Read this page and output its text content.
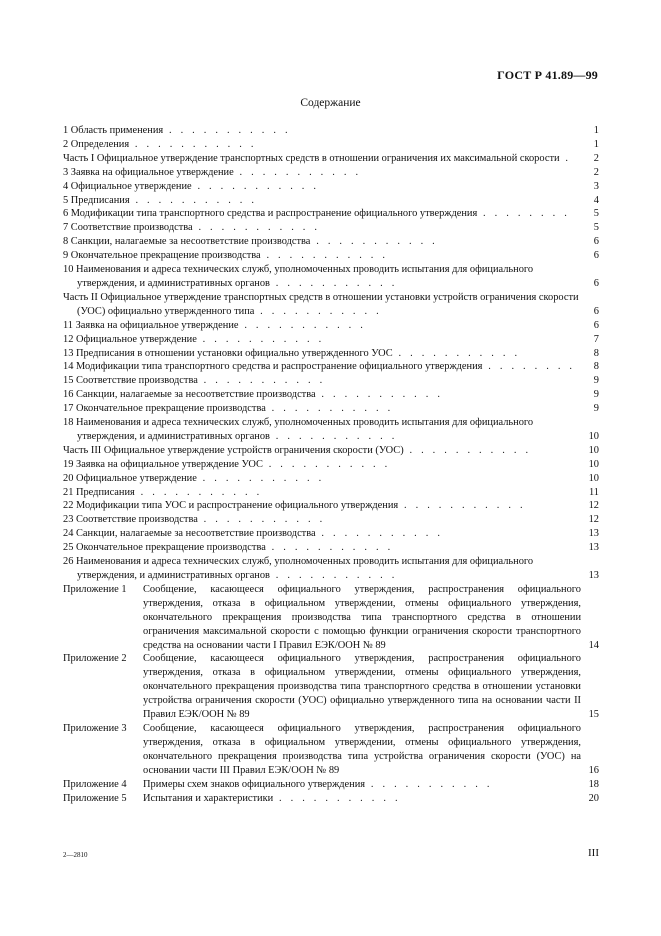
ГОСТ Р 41.89—99
Содержание
1 Область применения . . . . . . . . . . .	1
2 Определения . . . . . . . . . . .	1
Часть I Официальное утверждение транспортных средств в отношении ограничения их максимальной скорости .	2
3 Заявка на официальное утверждение . . . . . . . . . . .	2
4 Официальное утверждение . . . . . . . . . . .	3
5 Предписания . . . . . . . . . . .	4
6 Модификации типа транспортного средства и распространение официального утверждения . . . . . . . .	5
7 Соответствие производства . . . . . . . . . . .	5
8 Санкции, налагаемые за несоответствие производства . . . . . . . . . . .	6
9 Окончательное прекращение производства . . . . . . . . . . .	6
10 Наименования и адреса технических служб, уполномоченных проводить испытания для официального утверждения, и административных органов . . . . . . . . . . .	6
Часть II Официальное утверждение транспортных средств в отношении установки устройств ограничения скорости (УОС) официально утвержденного типа . . . . . . . . . . .	6
11 Заявка на официальное утверждение . . . . . . . . . . .	6
12 Официальное утверждение . . . . . . . . . . .	7
13 Предписания в отношении установки официально утвержденного УОС . . . . . . . . . . .	8
14 Модификации типа транспортного средства и распространение официального утверждения . . . . . . . .	8
15 Соответствие производства . . . . . . . . . . .	9
16 Санкции, налагаемые за несоответствие производства . . . . . . . . . . .	9
17 Окончательное прекращение производства . . . . . . . . . . .	9
18 Наименования и адреса технических служб, уполномоченных проводить испытания для официального утверждения, и административных органов . . . . . . . . . . .	10
Часть III Официальное утверждение устройств ограничения скорости (УОС) . . . . . . . . . . .	10
19 Заявка на официальное утверждение УОС . . . . . . . . . . .	10
20 Официальное утверждение . . . . . . . . . . .	10
21 Предписания . . . . . . . . . . .	11
22 Модификации типа УОС и распространение официального утверждения . . . . . . . . . . .	12
23 Соответствие производства . . . . . . . . . . .	12
24 Санкции, налагаемые за несоответствие производства . . . . . . . . . . .	13
25 Окончательное прекращение производства . . . . . . . . . . .	13
26 Наименования и адреса технических служб, уполномоченных проводить испытания для официального утверждения, и административных органов . . . . . . . . . . .	13
Приложение 1	Сообщение, касающееся официального утверждения, распространения официального утверждения, отказа в официальном утверждении, отмены официального утверждения, окончательного прекращения производства типа транспортного средства в отношении ограничения максимальной скорости с помощью функции ограничения скорости транспортного средства на основании части I Правил ЕЭК/ООН № 89	14
Приложение 2	Сообщение, касающееся официального утверждения, распространения официального утверждения, отказа в официальном утверждении, отмены официального утверждения, окончательного прекращения производства типа транспортного средства в отношении установки устройства ограничения скорости (УОС) официально утвержденного типа на основании части II Правил ЕЭК/ООН № 89	15
Приложение 3	Сообщение, касающееся официального утверждения, распространения официального утверждения, отказа в официальном утверждении, отмены официального утверждения, окончательного прекращения производства типа устройства ограничения скорости (УОС) на основании части III Правил ЕЭК/ООН № 89	16
Приложение 4	Примеры схем знаков официального утверждения . . . . . . . . . . .	18
Приложение 5	Испытания и характеристики . . . . . . . . . . .	20
2—2810	III
